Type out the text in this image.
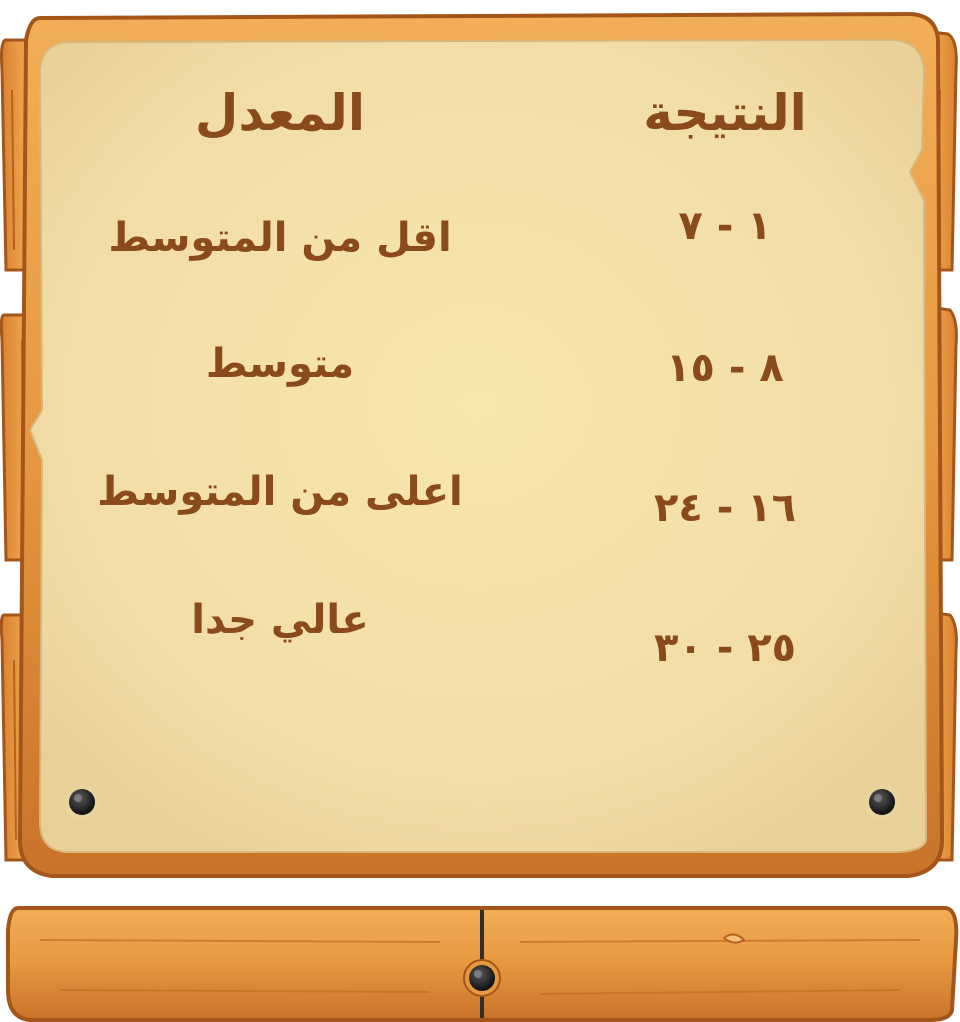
النتيجة
المعدل
١ - ٧
اقل من المتوسط
٨ - ١٥
متوسط
١٦ - ٢٤
اعلى من المتوسط
٢٥ - ٣٠
عالي جدا
